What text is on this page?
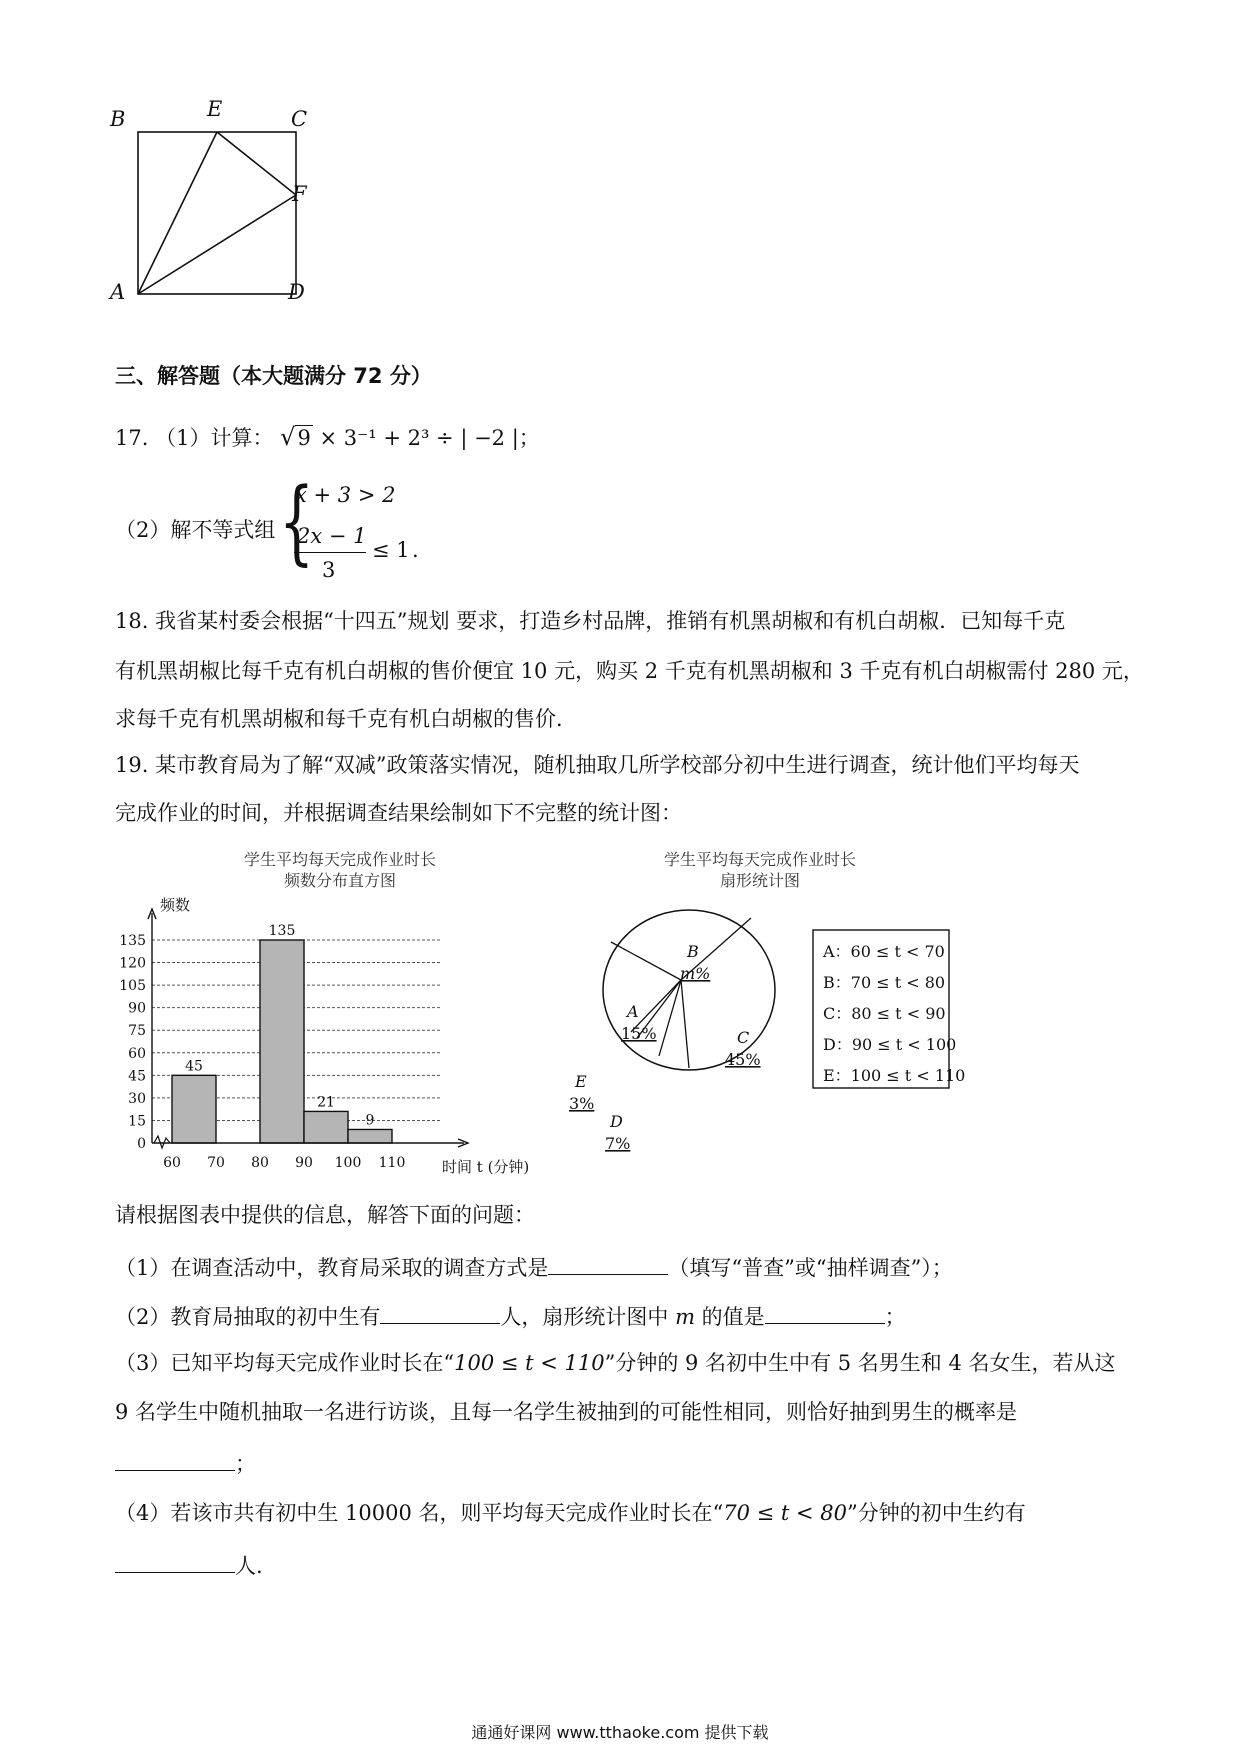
B	E	C
F
A	D
三、解答题（本大题满分 72 分）
17. （1）计算： √9 × 3⁻¹ + 2³ ÷ | −2 |；
（2）解不等式组 {
x + 3 > 2
2x − 1
3
≤ 1 .
18. 我省某村委会根据“十四五”规划 要求，打造乡村品牌，推销有机黑胡椒和有机白胡椒．已知每千克
有机黑胡椒比每千克有机白胡椒的售价便宜 10 元，购买 2 千克有机黑胡椒和 3 千克有机白胡椒需付 280 元，
求每千克有机黑胡椒和每千克有机白胡椒的售价．
19. 某市教育局为了解“双减”政策落实情况，随机抽取几所学校部分初中生进行调查，统计他们平均每天
完成作业的时间，并根据调查结果绘制如下不完整的统计图：
学生平均每天完成作业时长
频数分布直方图
频数
45
135
21
9
0
15
30
45
60
75
90
105
120
135
60 70 80 90 100 110 时间 t (分钟)
学生平均每天完成作业时长
扇形统计图
B
m%
A
15%	C
45%
E
3%
D
7%
A：60 ≤ t < 70
B：70 ≤ t < 80
C：80 ≤ t < 90
D：90 ≤ t < 100
E：100 ≤ t < 110
请根据图表中提供的信息，解答下面的问题：
（1）在调查活动中，教育局采取的调查方式是	（填写“普查”或“抽样调查”）；
（2）教育局抽取的初中生有	人，扇形统计图中 m 的值是	；
（3）已知平均每天完成作业时长在“100 ≤ t < 110”分钟的 9 名初中生中有 5 名男生和 4 名女生，若从这
9 名学生中随机抽取一名进行访谈，且每一名学生被抽到的可能性相同，则恰好抽到男生的概率是
；
（4）若该市共有初中生 10000 名，则平均每天完成作业时长在“70 ≤ t < 80”分钟的初中生约有
人.
通通好课网 www.tthaoke.com 提供下载
